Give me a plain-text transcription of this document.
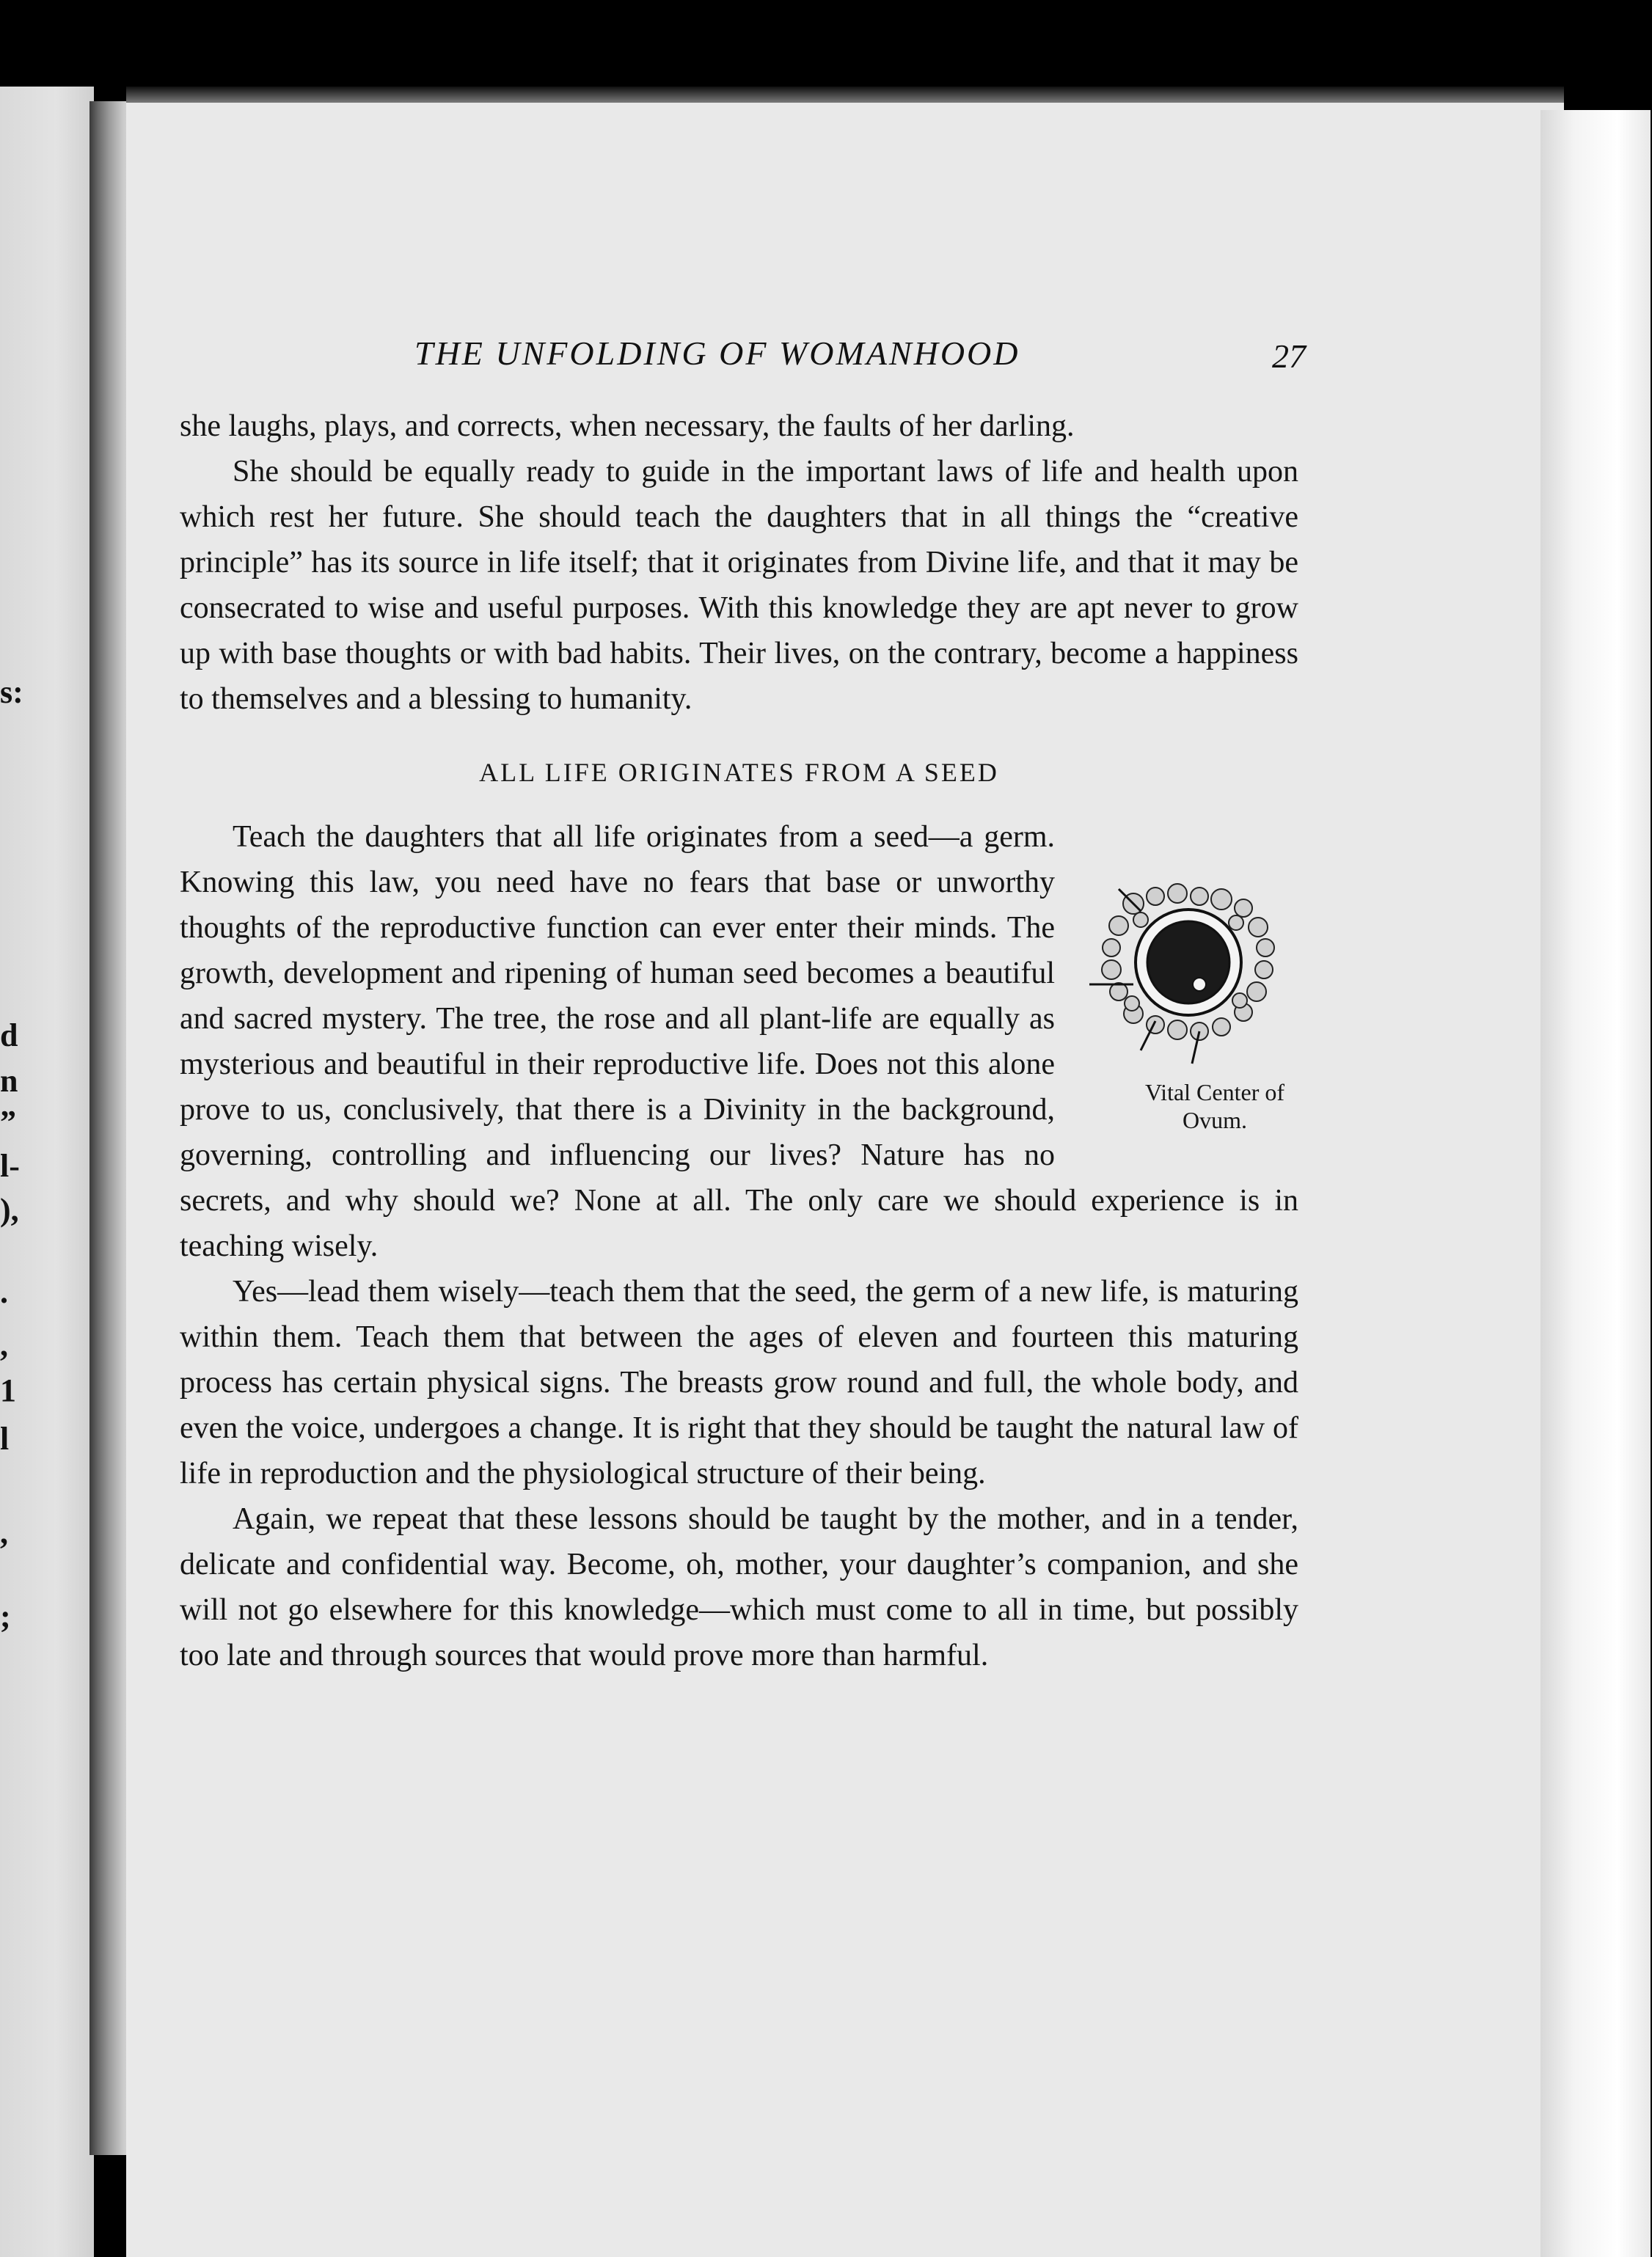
s:
d
n
”
l-
),
.
,
1
l
,
;
THE UNFOLDING OF WOMANHOOD	27

she laughs, plays, and corrects, when necessary, the faults of her darling.

She should be equally ready to guide in the important laws of life and health upon which rest her future. She should teach the daughters that in all things the “creative principle” has its source in life itself; that it originates from Divine life, and that it may be consecrated to wise and useful purposes. With this knowledge they are apt never to grow up with base thoughts or with bad habits. Their lives, on the contrary, become a happiness to themselves and a blessing to humanity.

ALL LIFE ORIGINATES FROM A SEED

Vital Center of
Ovum.
Teach the daughters that all life originates from a seed—a germ. Knowing this law, you need have no fears that base or unworthy thoughts of the reproductive function can ever enter their minds. The growth, development and ripening of human seed becomes a beautiful and sacred mystery. The tree, the rose and all plant-life are equally as mysterious and beautiful in their reproductive life. Does not this alone prove to us, conclusively, that there is a Divinity in the background, governing, controlling and influencing our lives? Nature has no secrets, and why should we? None at all. The only care we should experience is in teaching wisely.

Yes—lead them wisely—teach them that the seed, the germ of a new life, is maturing within them. Teach them that between the ages of eleven and fourteen this maturing process has certain physical signs. The breasts grow round and full, the whole body, and even the voice, undergoes a change. It is right that they should be taught the natural law of life in reproduction and the physiological structure of their being.

Again, we repeat that these lessons should be taught by the mother, and in a tender, delicate and confidential way. Become, oh, mother, your daughter’s companion, and she will not go elsewhere for this knowledge—which must come to all in time, but possibly too late and through sources that would prove more than harmful.
